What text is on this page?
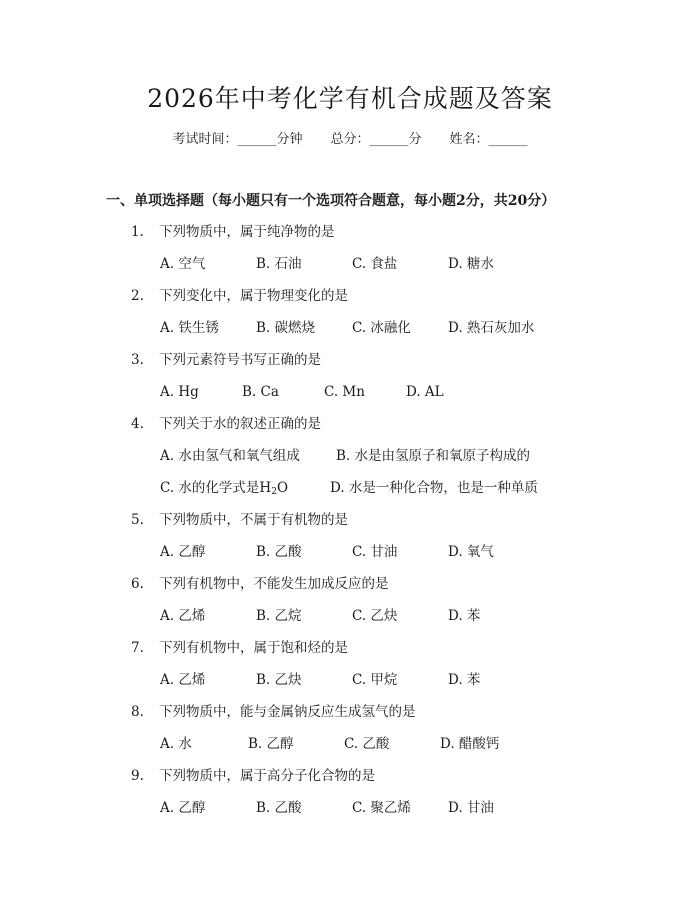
2026年中考化学有机合成题及答案
考试时间：______分钟 总分：______分 姓名：______
一、单项选择题（每小题只有一个选项符合题意，每小题2分，共20分）
1. 下列物质中，属于纯净物的是
A. 空气	B. 石油	C. 食盐	D. 糖水
2. 下列变化中，属于物理变化的是
A. 铁生锈	B. 碳燃烧	C. 冰融化	D. 熟石灰加水
3. 下列元素符号书写正确的是
A. Hg	B. Ca	C. Mn	D. AL
4. 下列关于水的叙述正确的是
A. 水由氢气和氧气组成	B. 水是由氢原子和氧原子构成的
C. 水的化学式是$H_2O$	D. 水是一种化合物，也是一种单质
5. 下列物质中，不属于有机物的是
A. 乙醇	B. 乙酸	C. 甘油	D. 氧气
6. 下列有机物中，不能发生加成反应的是
A. 乙烯	B. 乙烷	C. 乙炔	D. 苯
7. 下列有机物中，属于饱和烃的是
A. 乙烯	B. 乙炔	C. 甲烷	D. 苯
8. 下列物质中，能与金属钠反应生成氢气的是
A. 水	B. 乙醇	C. 乙酸	D. 醋酸钙
9. 下列物质中，属于高分子化合物的是
A. 乙醇	B. 乙酸	C. 聚乙烯	D. 甘油
